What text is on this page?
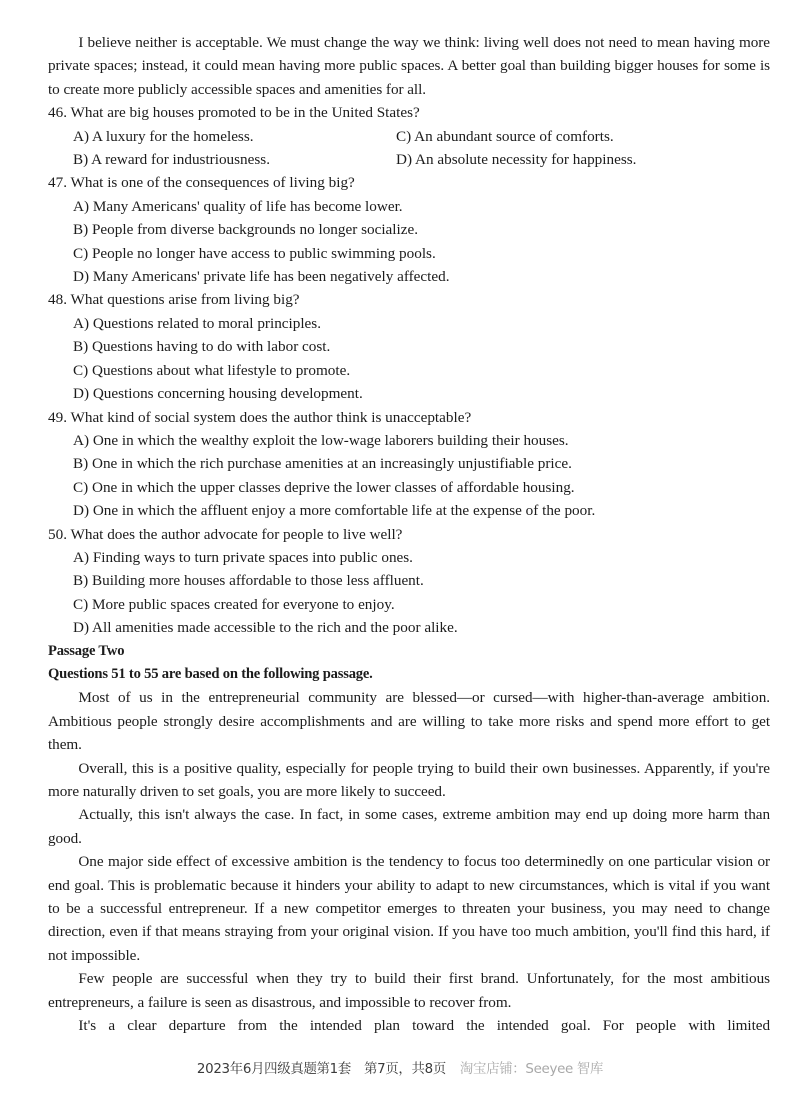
I believe neither is acceptable. We must change the way we think: living well does not need to mean having more private spaces; instead, it could mean having more public spaces. A better goal than building bigger houses for some is to create more publicly accessible spaces and amenities for all.

46. What are big houses promoted to be in the United States?

A) A luxury for the homeless.	C) An abundant source of comforts.

B) A reward for industriousness.	D) An absolute necessity for happiness.

47. What is one of the consequences of living big?

A) Many Americans' quality of life has become lower.

B) People from diverse backgrounds no longer socialize.

C) People no longer have access to public swimming pools.

D) Many Americans' private life has been negatively affected.

48. What questions arise from living big?

A) Questions related to moral principles.

B) Questions having to do with labor cost.

C) Questions about what lifestyle to promote.

D) Questions concerning housing development.

49. What kind of social system does the author think is unacceptable?

A) One in which the wealthy exploit the low-wage laborers building their houses.

B) One in which the rich purchase amenities at an increasingly unjustifiable price.

C) One in which the upper classes deprive the lower classes of affordable housing.

D) One in which the affluent enjoy a more comfortable life at the expense of the poor.

50. What does the author advocate for people to live well?

A) Finding ways to turn private spaces into public ones.

B) Building more houses affordable to those less affluent.

C) More public spaces created for everyone to enjoy.

D) All amenities made accessible to the rich and the poor alike.

Passage Two

Questions 51 to 55 are based on the following passage.

Most of us in the entrepreneurial community are blessed—or cursed—with higher-than-average ambition. Ambitious people strongly desire accomplishments and are willing to take more risks and spend more effort to get them.

Overall, this is a positive quality, especially for people trying to build their own businesses. Apparently, if you're more naturally driven to set goals, you are more likely to succeed.

Actually, this isn't always the case. In fact, in some cases, extreme ambition may end up doing more harm than good.

One major side effect of excessive ambition is the tendency to focus too determinedly on one particular vision or end goal. This is problematic because it hinders your ability to adapt to new circumstances, which is vital if you want to be a successful entrepreneur. If a new competitor emerges to threaten your business, you may need to change direction, even if that means straying from your original vision. If you have too much ambition, you'll find this hard, if not impossible.

Few people are successful when they try to build their first brand. Unfortunately, for the most ambitious entrepreneurs, a failure is seen as disastrous, and impossible to recover from.

It's a clear departure from the intended plan toward the intended goal. For people with limited

2023年6月四级真题第1套　第7页，共8页 淘宝店铺：Seeyee 智库
